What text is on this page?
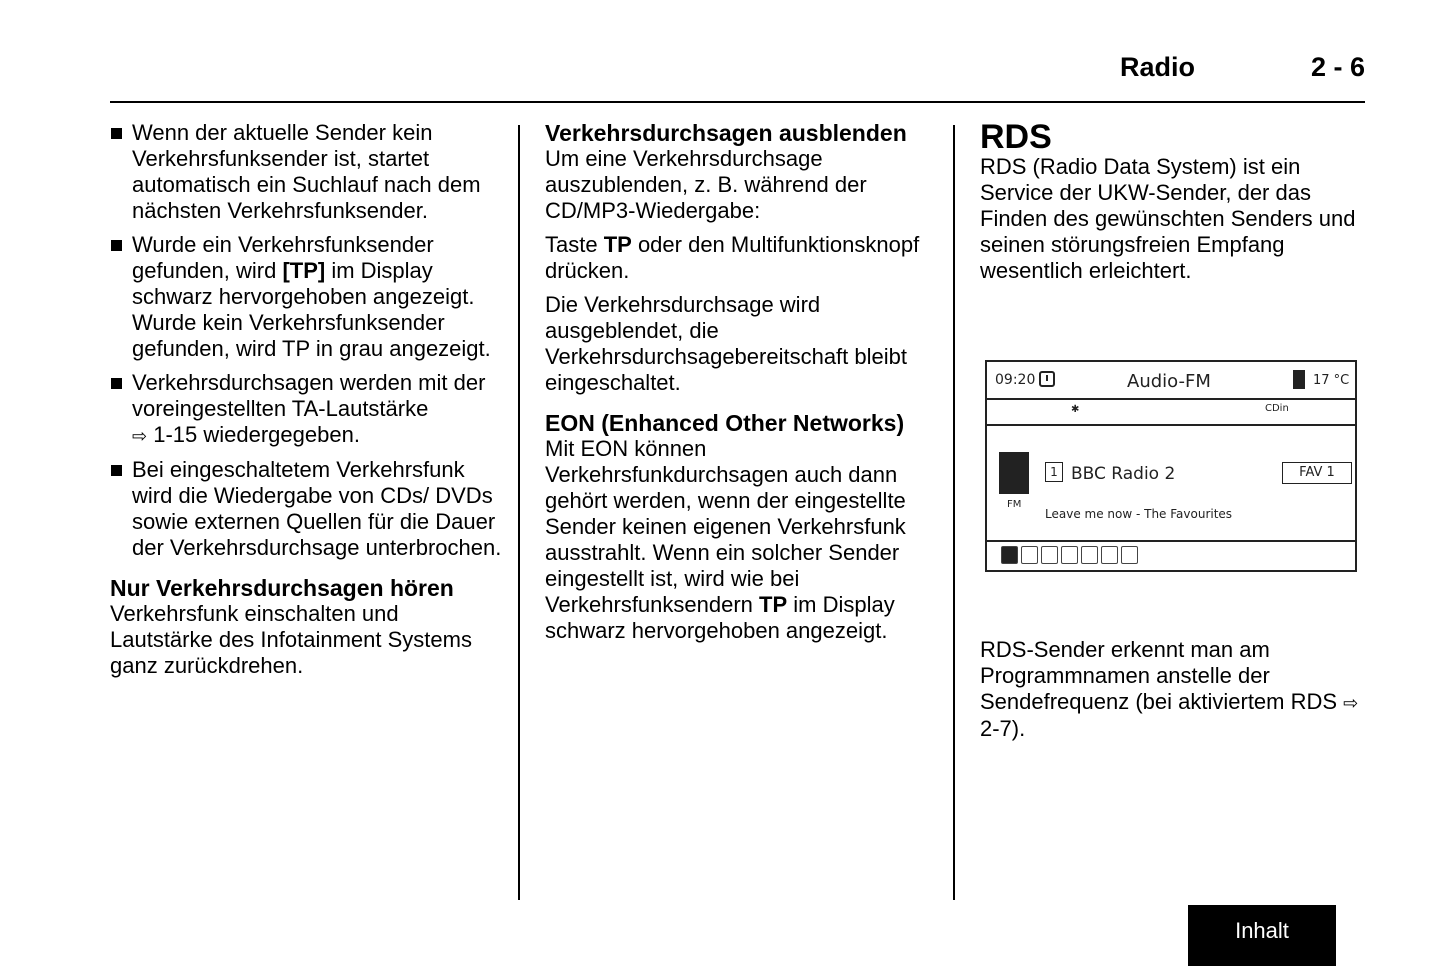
Radio	2 - 6
Wenn der aktuelle Sender kein Verkehrsfunksender ist, startet automatisch ein Suchlauf nach dem nächsten Verkehrsfunksender.
Wurde ein Verkehrsfunksender gefunden, wird [TP] im Display schwarz hervorgehoben angezeigt. Wurde kein Verkehrsfunksender gefunden, wird TP in grau angezeigt.
Verkehrsdurchsagen werden mit der voreingestellten TA-Lautstärke
⇨ 1-15 wiedergegeben.
Bei eingeschaltetem Verkehrsfunk wird die Wiedergabe von CDs/ DVDs sowie externen Quellen für die Dauer der Verkehrsdurchsage unterbrochen.
Nur Verkehrsdurchsagen hören

Verkehrsfunk einschalten und Lautstärke des Infotainment Systems ganz zurückdrehen.

Verkehrsdurchsagen ausblenden

Um eine Verkehrsdurchsage auszublenden, z. B. während der CD/MP3-Wiedergabe:

Taste TP oder den Multifunktionsknopf drücken.

Die Verkehrsdurchsage wird ausgeblendet, die Verkehrsdurchsagebereitschaft bleibt eingeschaltet.

EON (Enhanced Other Networks)

Mit EON können Verkehrsfunkdurchsagen auch dann gehört werden, wenn der eingestellte Sender keinen eigenen Verkehrsfunk ausstrahlt. Wenn ein solcher Sender eingestellt ist, wird wie bei Verkehrsfunksendern TP im Display schwarz hervorgehoben angezeigt.

RDS

RDS (Radio Data System) ist ein Service der UKW-Sender, der das Finden des gewünschten Senders und seinen störungsfreien Empfang wesentlich erleichtert.

09:20	Audio-FM	17 °C
✱	CDin
FM
1 BBC Radio 2	FAV 1
Leave me now - The Favourites

RDS-Sender erkennt man am Programmnamen anstelle der Sendefrequenz (bei aktiviertem RDS ⇨ 2-7).

Inhalt
